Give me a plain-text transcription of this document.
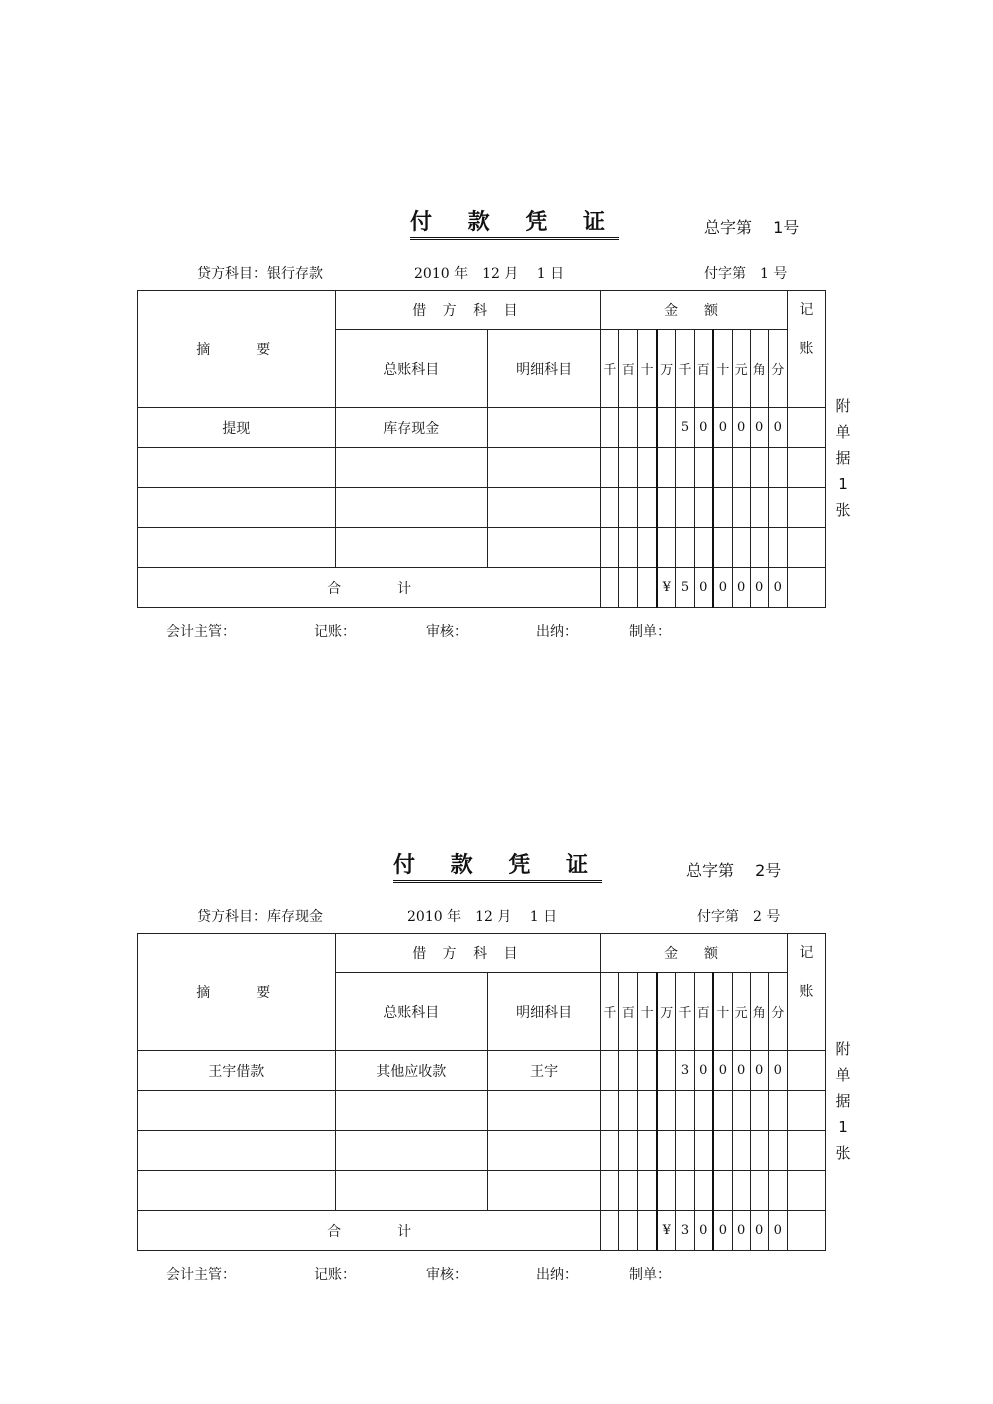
付 款 凭 证	总字第　 1号
贷方科目：银行存款	2010 年　12 月　 1 日	付字第　1 号
摘　　要	借 方 科 目		金　额										记
账

	总账科目	明细科目	千	百	十	万	千	百	十	元	角	分	
提现	库存现金						5	0	0	0	0	0	

合　　　　计						¥	5	0	0	0	0	0	
附
单
据
1
张
会计主管：	记账：	审核：	出纳：	制单：
付 款 凭 证	总字第　 2号
贷方科目：库存现金	2010 年　12 月　 1 日	付字第　2 号
摘　　要	借 方 科 目		金　额										记
账

	总账科目	明细科目	千	百	十	万	千	百	十	元	角	分	
王宇借款	其他应收款	王宇					3	0	0	0	0	0	

合　　　　计						¥	3	0	0	0	0	0	
附
单
据
1
张
会计主管：	记账：	审核：	出纳：	制单：
